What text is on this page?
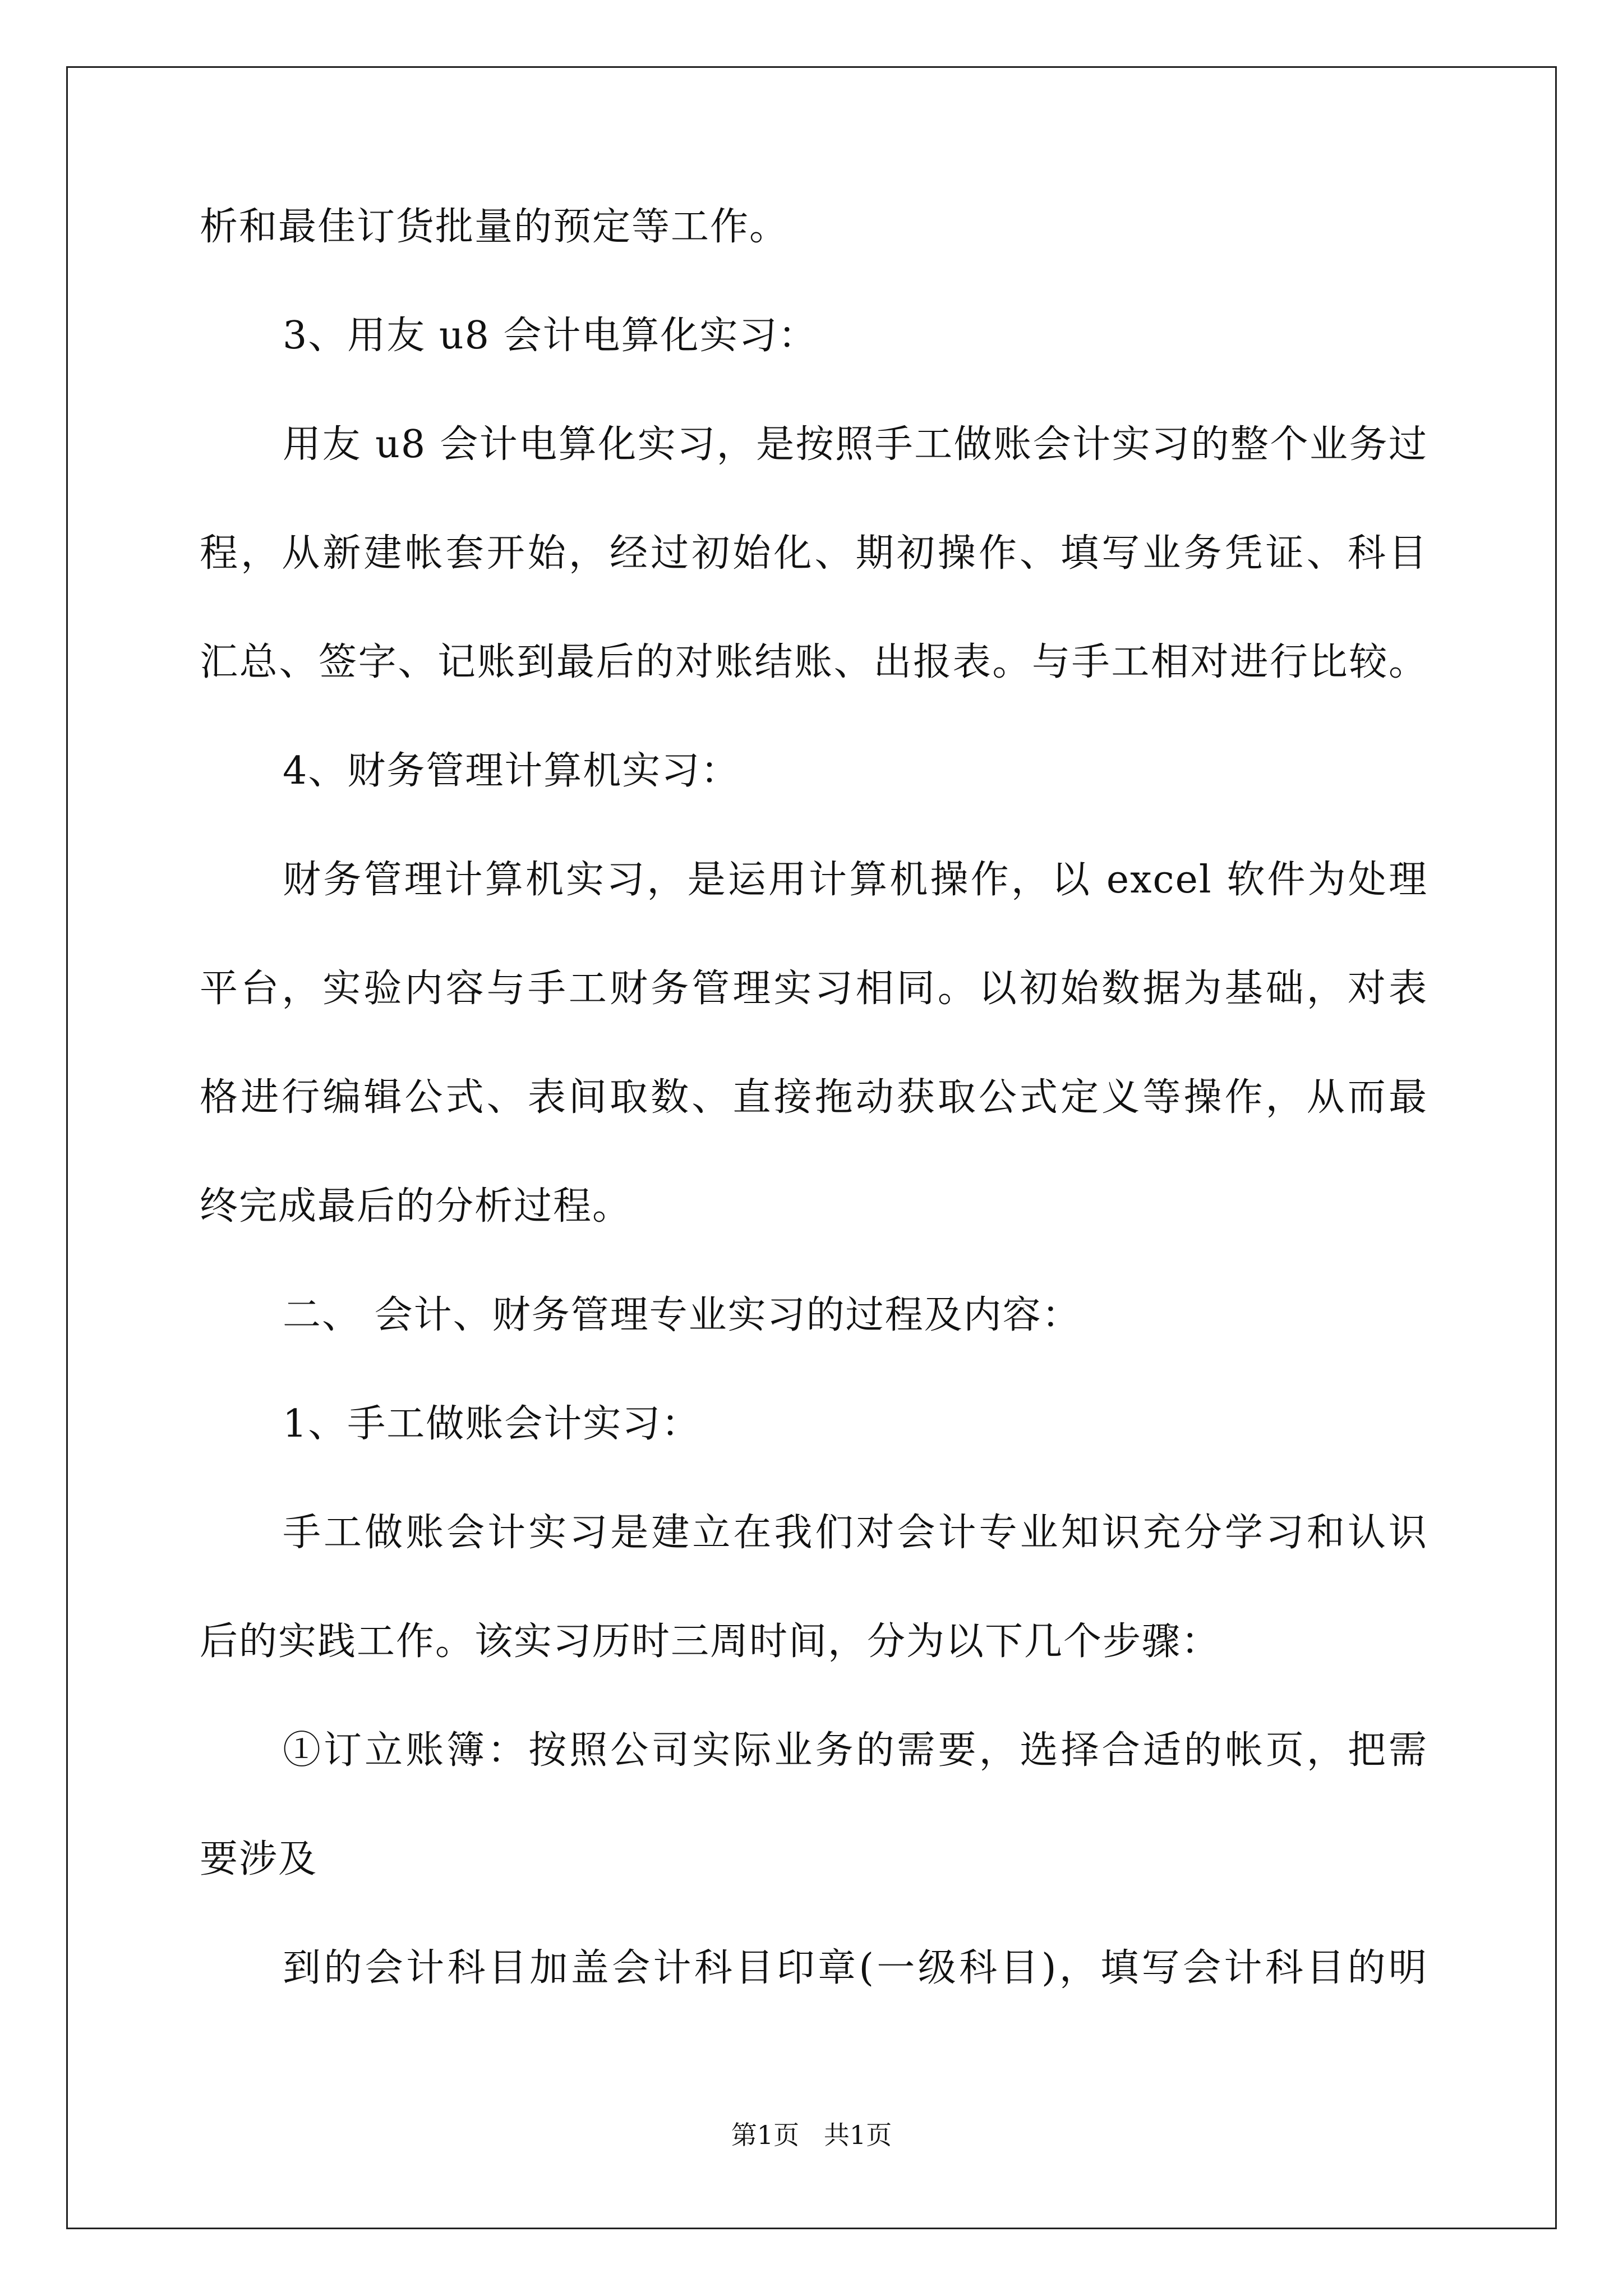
析和最佳订货批量的预定等工作。
3、用友 u8 会计电算化实习：
用友 u8 会计电算化实习，是按照手工做账会计实习的整个业务过
程，从新建帐套开始，经过初始化、期初操作、填写业务凭证、科目
汇总、签字、记账到最后的对账结账、出报表。与手工相对进行比较。
4、财务管理计算机实习：
财务管理计算机实习，是运用计算机操作，以 excel 软件为处理
平台，实验内容与手工财务管理实习相同。以初始数据为基础，对表
格进行编辑公式、表间取数、直接拖动获取公式定义等操作，从而最
终完成最后的分析过程。
二、 会计、财务管理专业实习的过程及内容：
1、手工做账会计实习：
手工做账会计实习是建立在我们对会计专业知识充分学习和认识
后的实践工作。该实习历时三周时间，分为以下几个步骤：
①订立账簿：按照公司实际业务的需要，选择合适的帐页，把需
要涉及
到的会计科目加盖会计科目印章(一级科目)，填写会计科目的明
第1页   共1页
